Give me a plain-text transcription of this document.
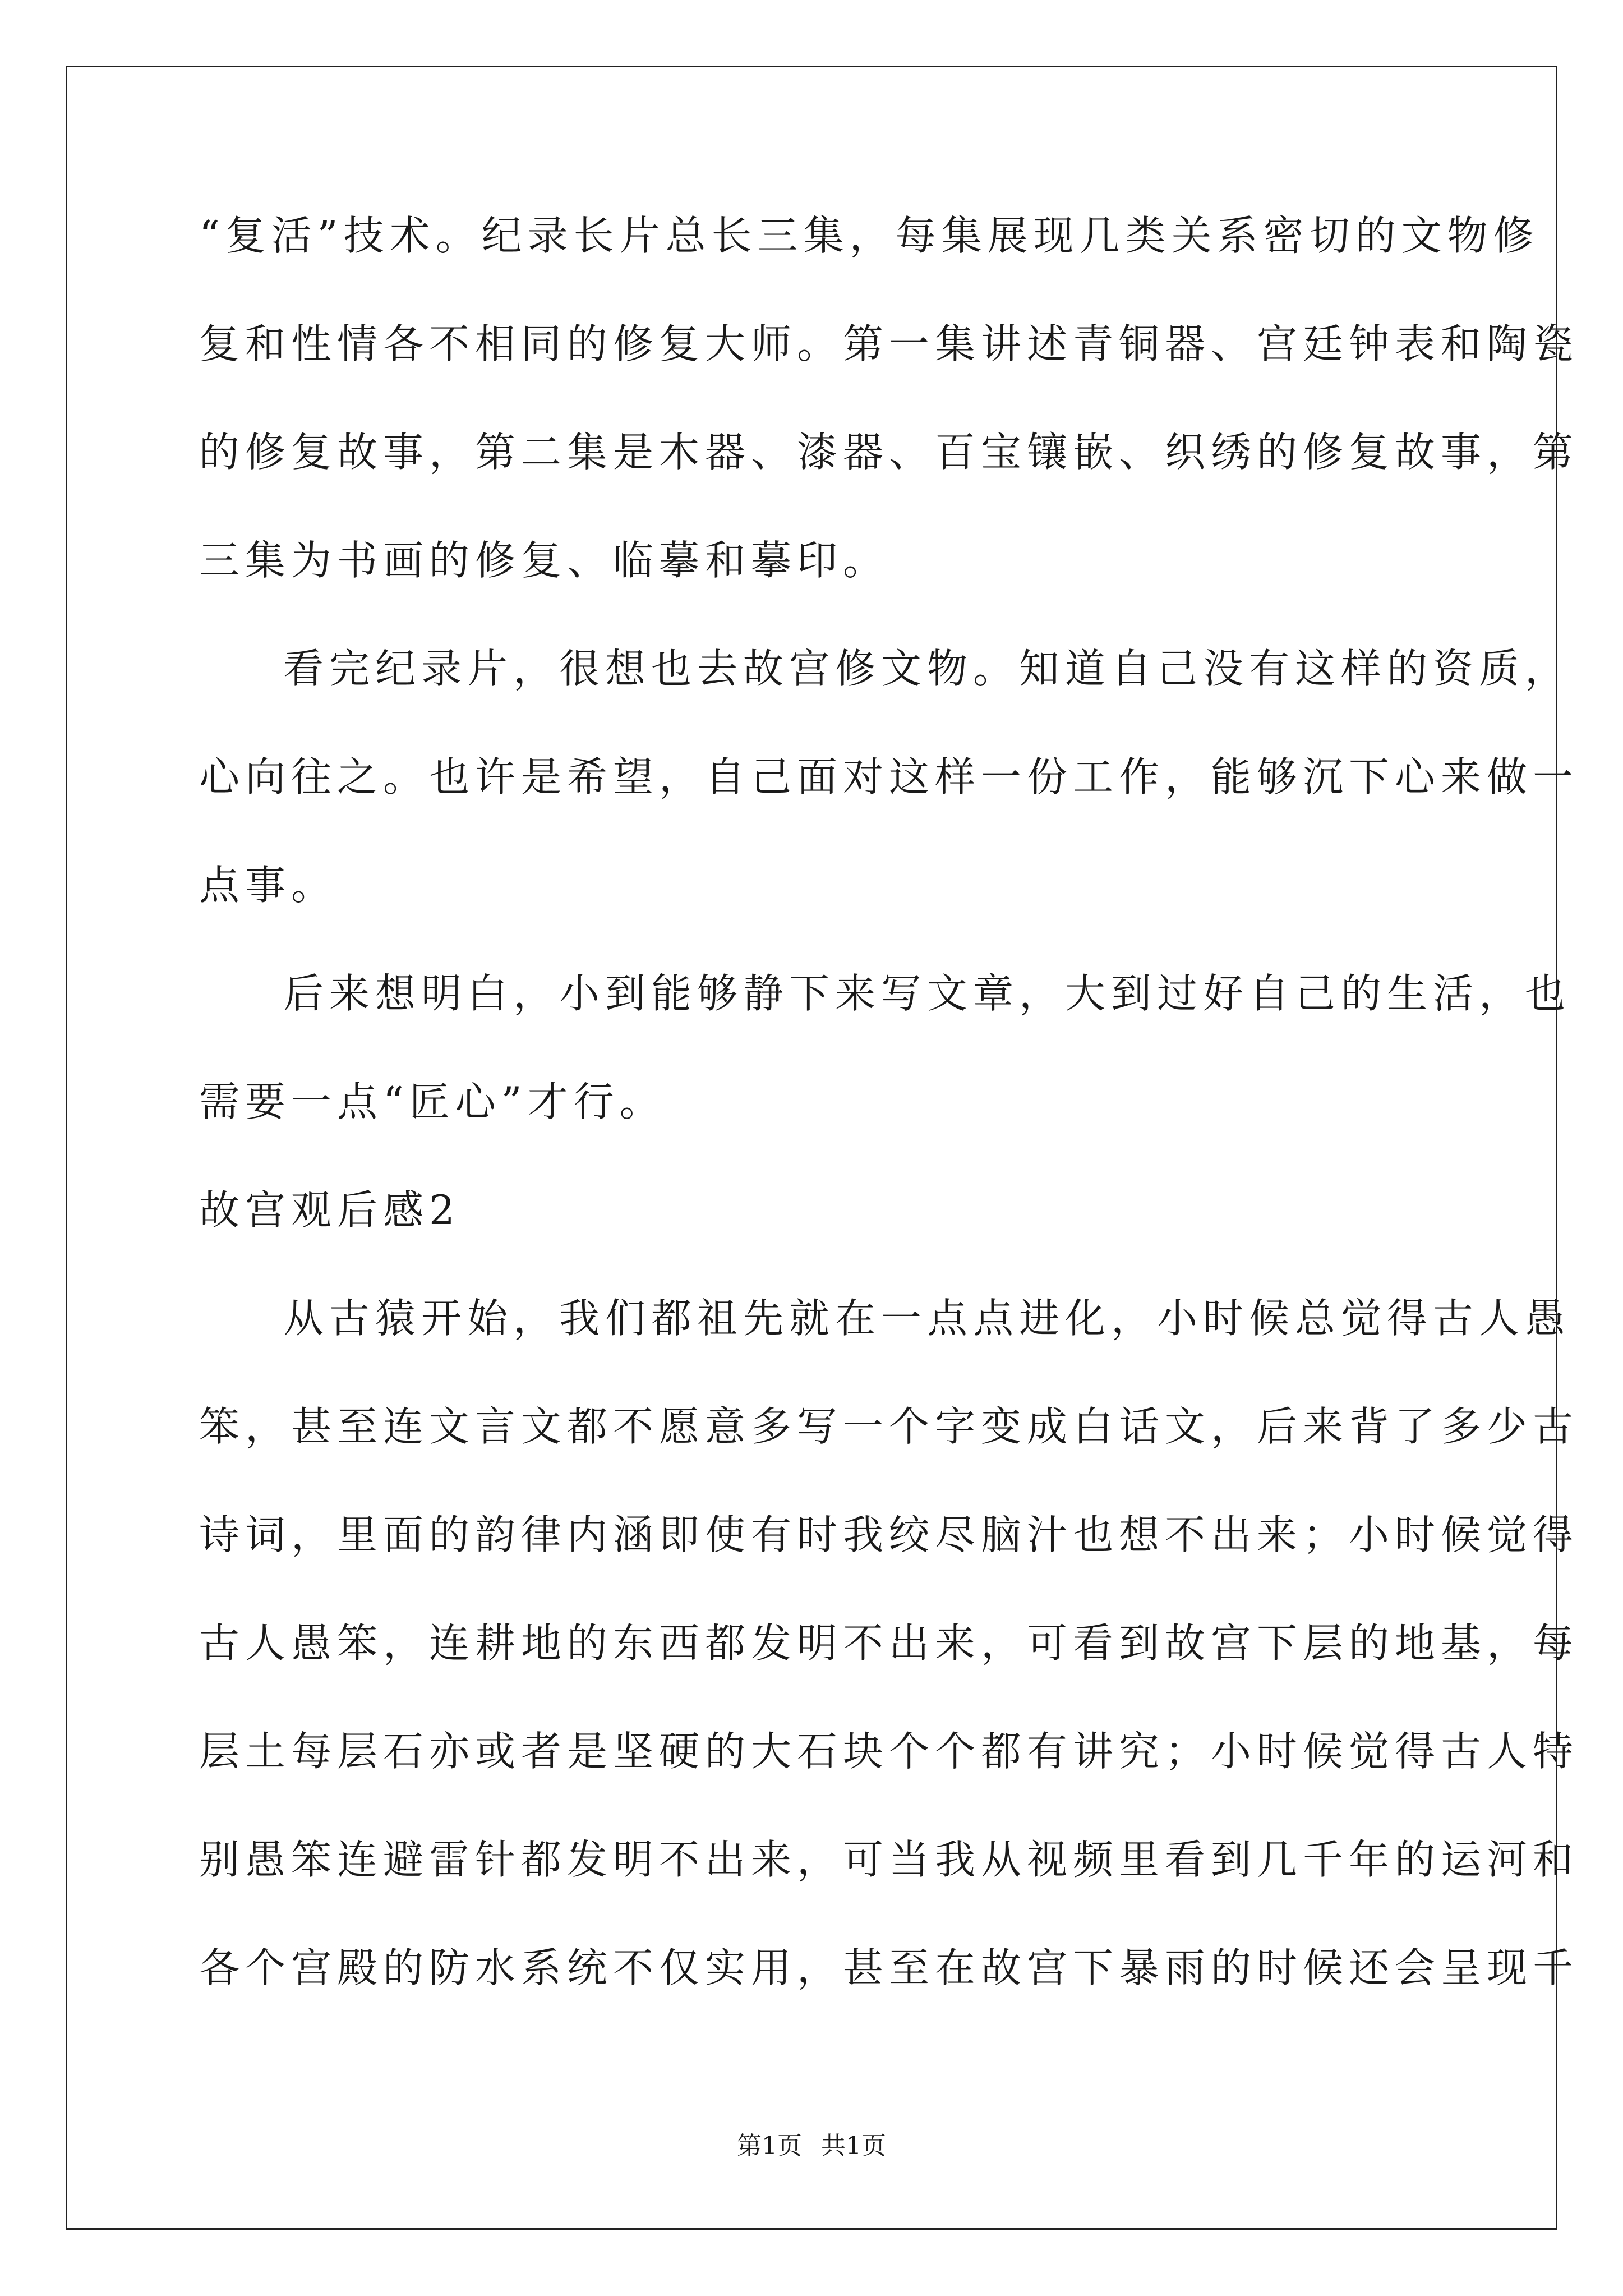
“复活”技术。纪录长片总长三集，每集展现几类关系密切的文物修
复和性情各不相同的修复大师。第一集讲述青铜器、宫廷钟表和陶瓷
的修复故事，第二集是木器、漆器、百宝镶嵌、织绣的修复故事，第
三集为书画的修复、临摹和摹印。
看完纪录片，很想也去故宫修文物。知道自己没有这样的资质，
心向往之。也许是希望，自己面对这样一份工作，能够沉下心来做一
点事。
后来想明白，小到能够静下来写文章，大到过好自己的生活，也
需要一点“匠心”才行。
故宫观后感2
从古猿开始，我们都祖先就在一点点进化，小时候总觉得古人愚
笨，甚至连文言文都不愿意多写一个字变成白话文，后来背了多少古
诗词，里面的韵律内涵即使有时我绞尽脑汁也想不出来；小时候觉得
古人愚笨，连耕地的东西都发明不出来，可看到故宫下层的地基，每
层土每层石亦或者是坚硬的大石块个个都有讲究；小时候觉得古人特
别愚笨连避雷针都发明不出来，可当我从视频里看到几千年的运河和
各个宫殿的防水系统不仅实用，甚至在故宫下暴雨的时候还会呈现千
第1页 共1页
